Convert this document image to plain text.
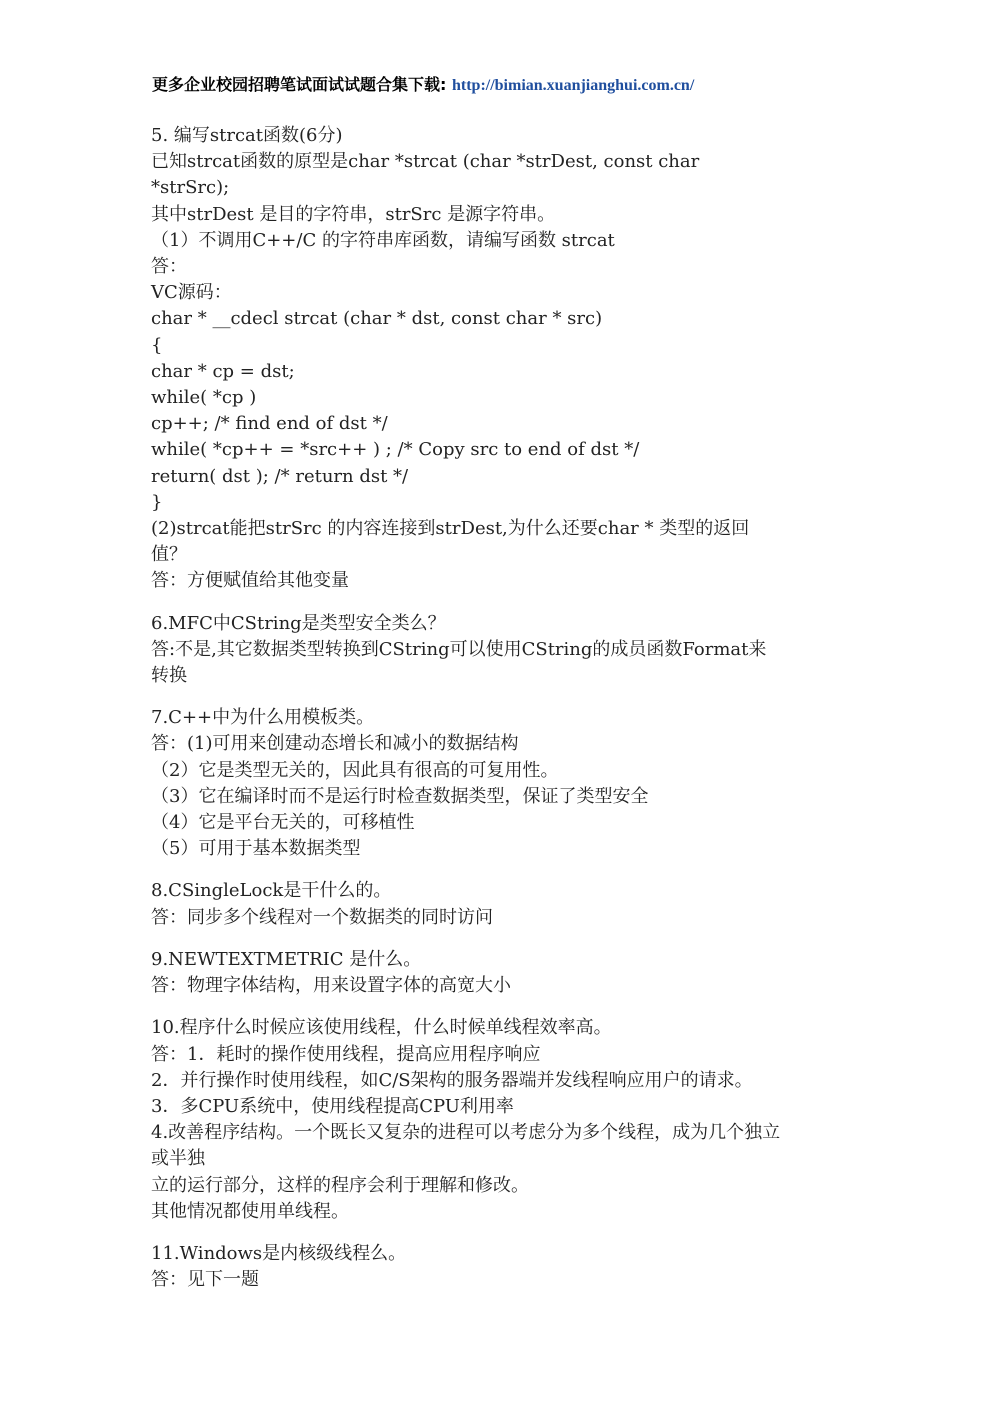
更多企业校园招聘笔试面试试题合集下载: http://bimian.xuanjianghui.com.cn/
5. 编写strcat函数(6分)
已知strcat函数的原型是char *strcat (char *strDest, const char
*strSrc);
其中strDest 是目的字符串，strSrc 是源字符串。
（1）不调用C++/C 的字符串库函数，请编写函数 strcat
答：
VC源码：
char * __cdecl strcat (char * dst, const char * src)
{
char * cp = dst;
while( *cp )
cp++; /* find end of dst */
while( *cp++ = *src++ ) ; /* Copy src to end of dst */
return( dst ); /* return dst */
}
(2)strcat能把strSrc 的内容连接到strDest,为什么还要char * 类型的返回
值？
答：方便赋值给其他变量
6.MFC中CString是类型安全类么？
答:不是,其它数据类型转换到CString可以使用CString的成员函数Format来
转换
7.C++中为什么用模板类。
答：(1)可用来创建动态增长和减小的数据结构
（2）它是类型无关的，因此具有很高的可复用性。
（3）它在编译时而不是运行时检查数据类型，保证了类型安全
（4）它是平台无关的，可移植性
（5）可用于基本数据类型
8.CSingleLock是干什么的。
答：同步多个线程对一个数据类的同时访问
9.NEWTEXTMETRIC 是什么。
答：物理字体结构，用来设置字体的高宽大小
10.程序什么时候应该使用线程，什么时候单线程效率高。
答：1．耗时的操作使用线程，提高应用程序响应
2．并行操作时使用线程，如C/S架构的服务器端并发线程响应用户的请求。
3．多CPU系统中，使用线程提高CPU利用率
4.改善程序结构。一个既长又复杂的进程可以考虑分为多个线程，成为几个独立
或半独
立的运行部分，这样的程序会利于理解和修改。
其他情况都使用单线程。
11.Windows是内核级线程么。
答：见下一题
